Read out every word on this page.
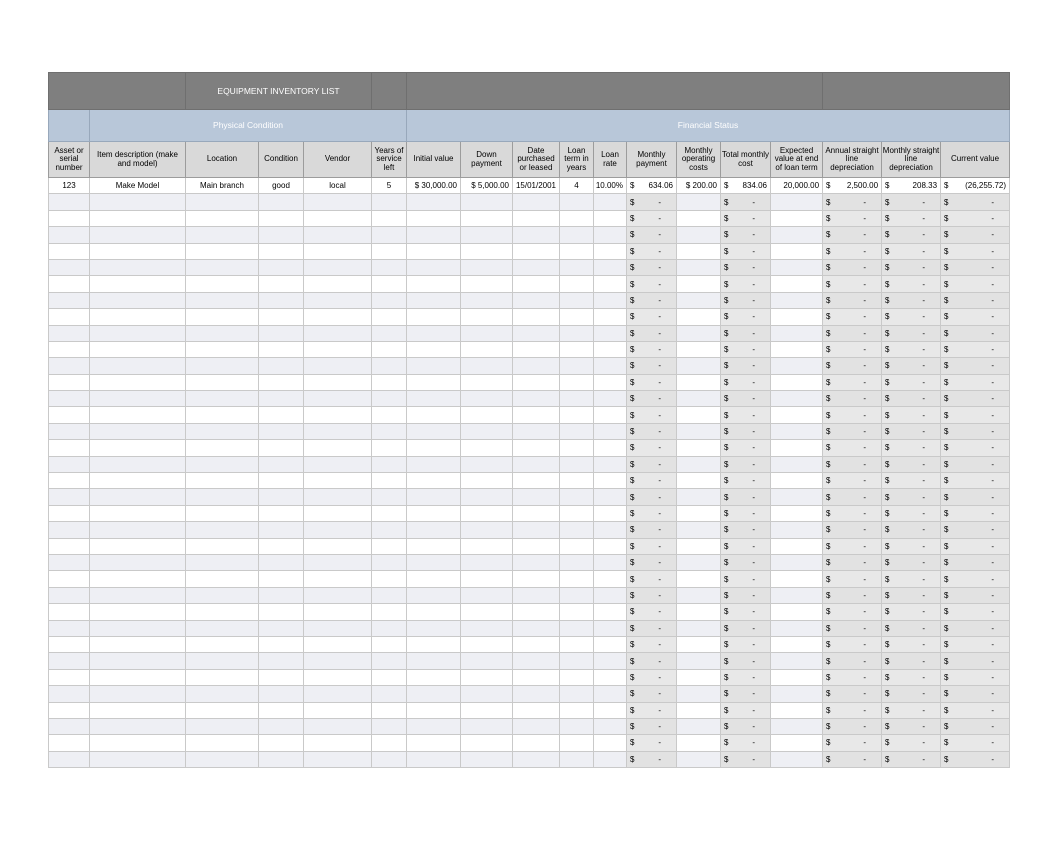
		EQUIPMENT INVENTORY LIST															
	Physical Condition					Financial Status											
Asset or serial number	Item description (make and model)	Location	Condition	Vendor	Years of service left	Initial value	Down payment	Date purchased or leased	Loan term in years	Loan rate	Monthly payment	Monthly operating costs	Total monthly cost	Expected value at end of loan term	Annual straight line depreciation	Monthly straight line depreciation	Current value
123	Make Model	Main branch	good	local	5	$ 30,000.00	$ 5,000.00	15/01/2001	4	10.00%	$ 634.06	$ 200.00	$ 834.06	20,000.00	$ 2,500.00	$ 208.33	$ (26,255.72)

											$ -		$ -		$ -	$ -	$ -

											$ -		$ -		$ -	$ -	$ -

											$ -		$ -		$ -	$ -	$ -

											$ -		$ -		$ -	$ -	$ -

											$ -		$ -		$ -	$ -	$ -

											$ -		$ -		$ -	$ -	$ -

											$ -		$ -		$ -	$ -	$ -

											$ -		$ -		$ -	$ -	$ -

											$ -		$ -		$ -	$ -	$ -

											$ -		$ -		$ -	$ -	$ -

											$ -		$ -		$ -	$ -	$ -

											$ -		$ -		$ -	$ -	$ -

											$ -		$ -		$ -	$ -	$ -

											$ -		$ -		$ -	$ -	$ -

											$ -		$ -		$ -	$ -	$ -

											$ -		$ -		$ -	$ -	$ -

											$ -		$ -		$ -	$ -	$ -

											$ -		$ -		$ -	$ -	$ -

											$ -		$ -		$ -	$ -	$ -

											$ -		$ -		$ -	$ -	$ -

											$ -		$ -		$ -	$ -	$ -

											$ -		$ -		$ -	$ -	$ -

											$ -		$ -		$ -	$ -	$ -

											$ -		$ -		$ -	$ -	$ -

											$ -		$ -		$ -	$ -	$ -

											$ -		$ -		$ -	$ -	$ -

											$ -		$ -		$ -	$ -	$ -

											$ -		$ -		$ -	$ -	$ -

											$ -		$ -		$ -	$ -	$ -

											$ -		$ -		$ -	$ -	$ -

											$ -		$ -		$ -	$ -	$ -

											$ -		$ -		$ -	$ -	$ -

											$ -		$ -		$ -	$ -	$ -

											$ -		$ -		$ -	$ -	$ -

											$ -		$ -		$ -	$ -	$ -
